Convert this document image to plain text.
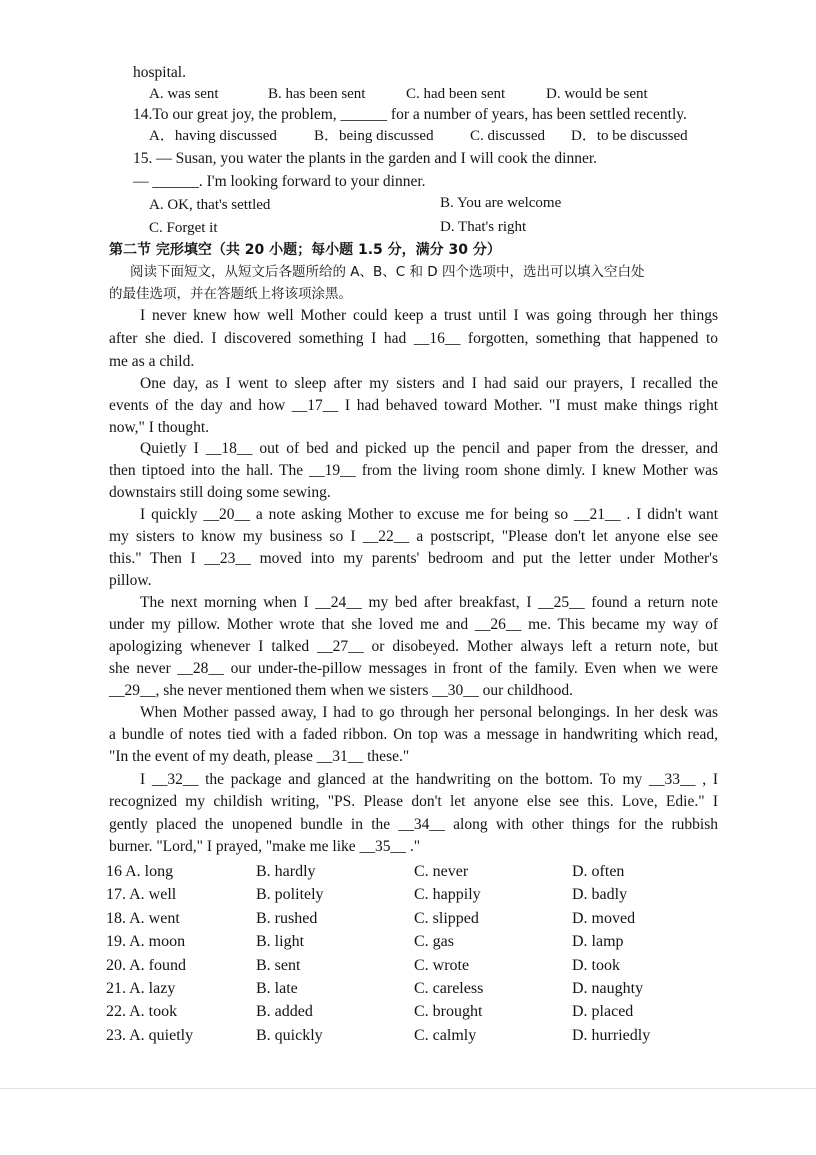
hospital.
A. was sent	B. has been sent	C. had been sent	D. would be sent
14.To our great joy, the problem, ______ for a number of years, has been settled recently.
A．having discussed B．being discussed C. discussed D．to be discussed
15. — Susan, you water the plants in the garden and I will cook the dinner.
— ______. I'm looking forward to your dinner.
A. OK, that's settled	B. You are welcome
C. Forget it	D. That's right
第二节 完形填空（共 20 小题；每小题 1.5 分，满分 30 分）
阅读下面短文，从短文后各题所给的 A、B、C 和 D 四个选项中，选出可以填入空白处
的最佳选项，并在答题纸上将该项涂黑。
I never knew how well Mother could keep a trust until I was going through her things
after she died. I discovered something I had __16__ forgotten, something that happened to
me as a child.
One day, as I went to sleep after my sisters and I had said our prayers, I recalled the
events of the day and how __17__ I had behaved toward Mother. "I must make things right
now," I thought.
Quietly I __18__ out of bed and picked up the pencil and paper from the dresser, and
then tiptoed into the hall. The __19__ from the living room shone dimly. I knew Mother was
downstairs still doing some sewing.
I quickly __20__ a note asking Mother to excuse me for being so __21__ . I didn't want
my sisters to know my business so I __22__ a postscript, "Please don't let anyone else see
this." Then I __23__ moved into my parents' bedroom and put the letter under Mother's
pillow.
The next morning when I __24__ my bed after breakfast, I __25__ found a return note
under my pillow. Mother wrote that she loved me and __26__ me. This became my way of
apologizing whenever I talked __27__ or disobeyed. Mother always left a return note, but
she never __28__ our under-the-pillow messages in front of the family. Even when we were
__29__, she never mentioned them when we sisters __30__ our childhood.
When Mother passed away, I had to go through her personal belongings. In her desk was
a bundle of notes tied with a faded ribbon. On top was a message in handwriting which read,
"In the event of my death, please __31__ these."
I __32__ the package and glanced at the handwriting on the bottom. To my __33__ , I
recognized my childish writing, "PS. Please don't let anyone else see this. Love, Edie." I
gently placed the unopened bundle in the __34__ along with other things for the rubbish
burner. "Lord," I prayed, "make me like __35__ ."
16 A. long	B. hardly	C. never	D. often
17. A. well	B. politely	C. happily	D. badly
18. A. went	B. rushed	C. slipped	D. moved
19. A. moon	B. light	C. gas	D. lamp
20. A. found	B. sent	C. wrote	D. took
21. A. lazy	B. late	C. careless	D. naughty
22. A. took	B. added	C. brought	D. placed
23. A. quietly	B. quickly	C. calmly	D. hurriedly
